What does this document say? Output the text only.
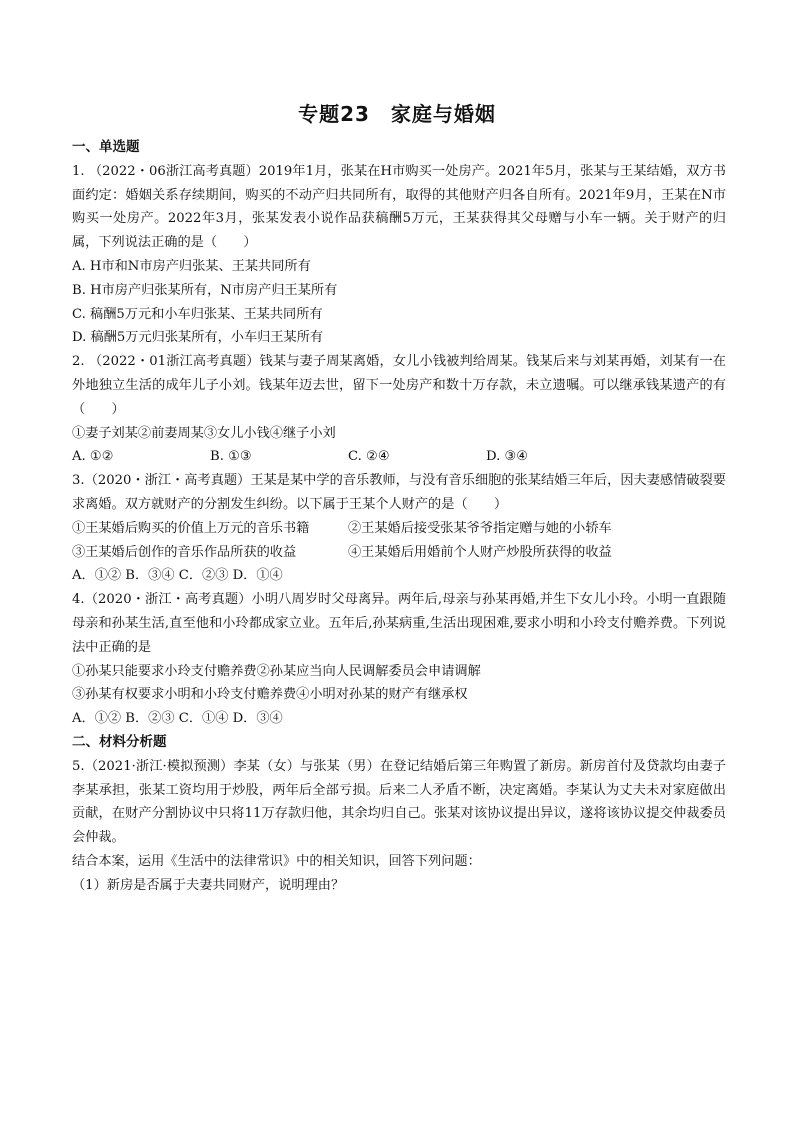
专题23　家庭与婚姻

一、单选题

1. （2022・06浙江高考真题）2019年1月，张某在H市购买一处房产。2021年5月，张某与王某结婚，双方书面约定：婚姻关系存续期间，购买的不动产归共同所有，取得的其他财产归各自所有。2021年9月，王某在N市购买一处房产。2022年3月，张某发表小说作品获稿酬5万元，王某获得其父母赠与小车一辆。关于财产的归属，下列说法正确的是（　　）

A. H市和N市房产归张某、王某共同所有

B. H市房产归张某所有，N市房产归王某所有

C. 稿酬5万元和小车归张某、王某共同所有

D. 稿酬5万元归张某所有，小车归王某所有

2. （2022・01浙江高考真题）钱某与妻子周某离婚，女儿小钱被判给周某。钱某后来与刘某再婚，刘某有一在外地独立生活的成年儿子小刘。钱某年迈去世，留下一处房产和数十万存款，未立遗嘱。可以继承钱某遗产的有（　　）

①妻子刘某②前妻周某③女儿小钱④继子小刘

A. ①②	B. ①③	C. ②④	D. ③④

3.（2020・浙江・高考真题）王某是某中学的音乐教师，与没有音乐细胞的张某结婚三年后，因夫妻感情破裂要求离婚。双方就财产的分割发生纠纷。以下属于王某个人财产的是（　　）

①王某婚后购买的价值上万元的音乐书籍	②王某婚后接受张某爷爷指定赠与她的小轿车
③王某婚后创作的音乐作品所获的收益	④王某婚后用婚前个人财产炒股所获得的收益

A．①② B．③④ C．②③ D．①④

4.（2020・浙江・高考真题）小明八周岁时父母离异。两年后,母亲与孙某再婚,并生下女儿小玲。小明一直跟随母亲和孙某生活,直至他和小玲都成家立业。五年后,孙某病重,生活出现困难,要求小明和小玲支付赡养费。下列说法中正确的是

①孙某只能要求小玲支付赡养费②孙某应当向人民调解委员会申请调解

③孙某有权要求小明和小玲支付赡养费④小明对孙某的财产有继承权

A．①② B．②③ C．①④ D．③④

二、材料分析题

5.（2021·浙江·模拟预测）李某（女）与张某（男）在登记结婚后第三年购置了新房。新房首付及贷款均由妻子李某承担，张某工资均用于炒股，两年后全部亏损。后来二人矛盾不断，决定离婚。李某认为丈夫未对家庭做出贡献，在财产分割协议中只将11万存款归他，其余均归自己。张某对该协议提出异议，遂将该协议提交仲裁委员会仲裁。

结合本案，运用《生活中的法律常识》中的相关知识，回答下列问题：

（1）新房是否属于夫妻共同财产，说明理由？
